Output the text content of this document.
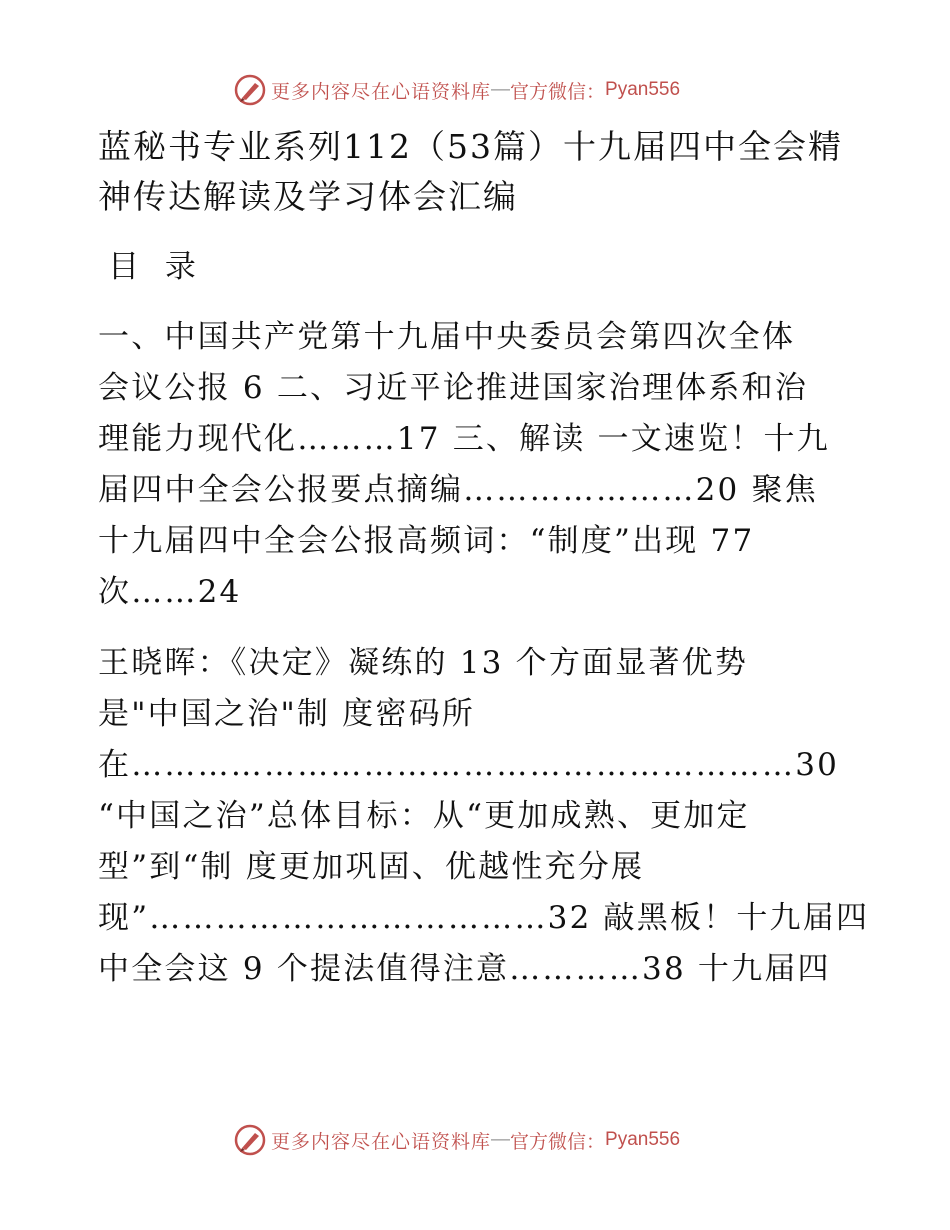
更多内容尽在心语资料库 — 官方微信： Pyan556
蓝秘书专业系列112（53篇）十九届四中全会精
神传达解读及学习体会汇编
目 录
一、中国共产党第十九届中央委员会第四次全体
会议公报 6 二、习近平论推进国家治理体系和治
理能力现代化………17 三、解读 一文速览！十九
届四中全会公报要点摘编…………………20 聚焦
十九届四中全会公报高频词：“制度”出现 77
次……24
王晓晖：《决定》凝练的 13 个方面显著优势
是"中国之治"制 度密码所
在……………………………………………………30
“中国之治”总体目标：从“更加成熟、更加定
型”到“制 度更加巩固、优越性充分展
现”………………………………32 敲黑板！十九届四
中全会这 9 个提法值得注意…………38 十九届四
更多内容尽在心语资料库 — 官方微信： Pyan556
